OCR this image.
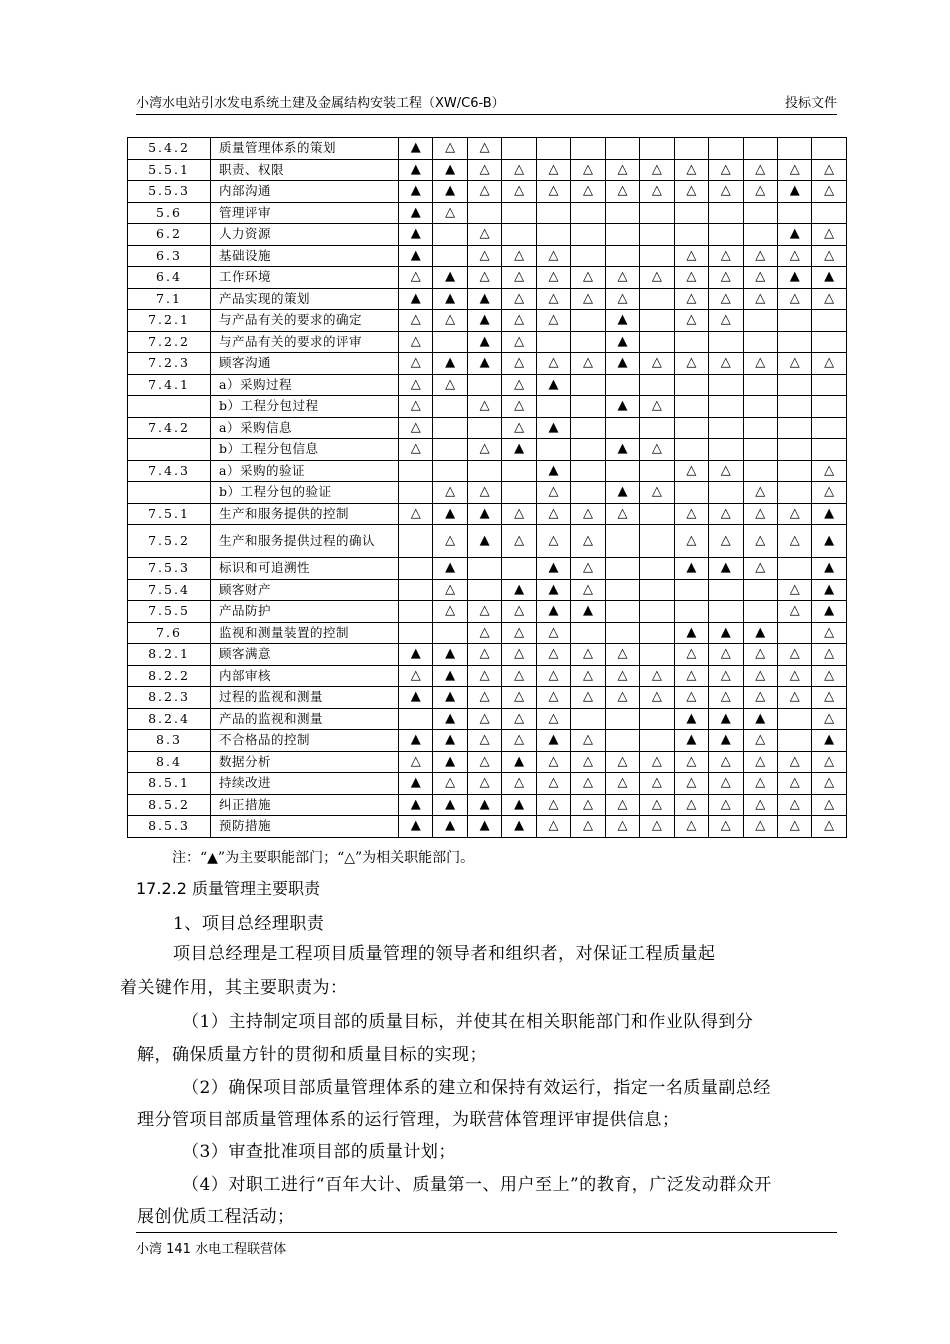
小湾水电站引水发电系统土建及金属结构安装工程（XW/C6-B）	投标文件
5.4.2	质量管理体系的策划	▲	△	△										
5.5.1	职责、权限	▲	▲	△	△	△	△	△	△	△	△	△	△	△
5.5.3	内部沟通	▲	▲	△	△	△	△	△	△	△	△	△	▲	△
5.6	管理评审	▲	△											
6.2	人力资源	▲		△									▲	△
6.3	基础设施	▲		△	△	△				△	△	△	△	△
6.4	工作环境	△	▲	△	△	△	△	△	△	△	△	△	▲	▲
7.1	产品实现的策划	▲	▲	▲	△	△	△	△		△	△	△	△	△
7.2.1	与产品有关的要求的确定	△	△	▲	△	△		▲		△	△			
7.2.2	与产品有关的要求的评审	△		▲	△			▲						
7.2.3	顾客沟通	△	▲	▲	△	△	△	▲	△	△	△	△	△	△
7.4.1	a）采购过程	△	△		△	▲								
	b）工程分包过程	△		△	△			▲	△					
7.4.2	a）采购信息	△			△	▲								
	b）工程分包信息	△		△	▲			▲	△					
7.4.3	a）采购的验证					▲				△	△			△
	b）工程分包的验证		△	△		△		▲	△			△		△
7.5.1	生产和服务提供的控制	△	▲	▲	△	△	△	△		△	△	△	△	▲
7.5.2	生产和服务提供过程的确认		△	▲	△	△	△			△	△	△	△	▲
7.5.3	标识和可追溯性		▲			▲	△			▲	▲	△		▲
7.5.4	顾客财产		△		▲	▲	△						△	▲
7.5.5	产品防护		△	△	△	▲	▲						△	▲
7.6	监视和测量装置的控制			△	△	△				▲	▲	▲		△
8.2.1	顾客满意	▲	▲	△	△	△	△	△		△	△	△	△	△
8.2.2	内部审核	△	▲	△	△	△	△	△	△	△	△	△	△	△
8.2.3	过程的监视和测量	▲	▲	△	△	△	△	△	△	△	△	△	△	△
8.2.4	产品的监视和测量		▲	△	△	△				▲	▲	▲		△
8.3	不合格品的控制	▲	▲	△	△	▲	△			▲	▲	△		▲
8.4	数据分析	△	▲	△	▲	△	△	△	△	△	△	△	△	△
8.5.1	持续改进	▲	△	△	△	△	△	△	△	△	△	△	△	△
8.5.2	纠正措施	▲	▲	▲	▲	△	△	△	△	△	△	△	△	△
8.5.3	预防措施	▲	▲	▲	▲	△	△	△	△	△	△	△	△	△
注：“▲”为主要职能部门；“△”为相关职能部门。
17.2.2 质量管理主要职责
1、项目总经理职责
项目总经理是工程项目质量管理的领导者和组织者，对保证工程质量起
着关键作用，其主要职责为：
（1）主持制定项目部的质量目标，并使其在相关职能部门和作业队得到分
解，确保质量方针的贯彻和质量目标的实现；
（2）确保项目部质量管理体系的建立和保持有效运行，指定一名质量副总经
理分管项目部质量管理体系的运行管理，为联营体管理评审提供信息；
（3）审查批准项目部的质量计划；
（4）对职工进行“百年大计、质量第一、用户至上”的教育，广泛发动群众开
展创优质工程活动；
小湾 141 水电工程联营体
